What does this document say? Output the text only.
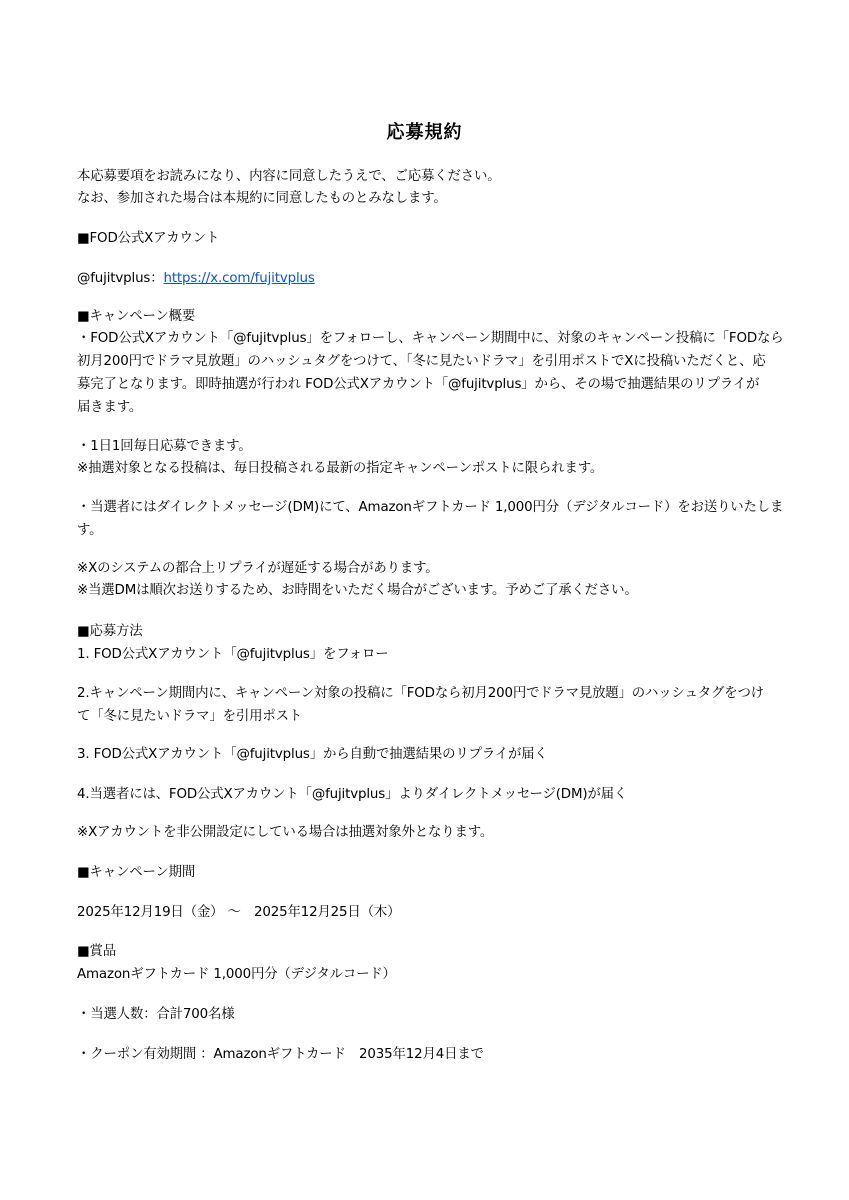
応募規約
本応募要項をお読みになり、内容に同意したうえで、ご応募ください。
なお、参加された場合は本規約に同意したものとみなします。
■FOD公式Xアカウント
@fujitvplus：https://x.com/fujitvplus
■キャンペーン概要
・FOD公式Xアカウント「@fujitvplus」をフォローし、キャンペーン期間中に、対象のキャンペーン投稿に「FODなら
初月200円でドラマ見放題」のハッシュタグをつけて、「冬に見たいドラマ」を引用ポストでXに投稿いただくと、応
募完了となります。即時抽選が行われ FOD公式Xアカウント「@fujitvplus」から、その場で抽選結果のリプライが
届きます。
・1日1回毎日応募できます。
※抽選対象となる投稿は、毎日投稿される最新の指定キャンペーンポストに限られます。
・当選者にはダイレクトメッセージ(DM)にて、Amazonギフトカード 1,000円分（デジタルコード）をお送りいたしま
す。
※Xのシステムの都合上リプライが遅延する場合があります。
※当選DMは順次お送りするため、お時間をいただく場合がございます。予めご了承ください。
■応募方法
1. FOD公式Xアカウント「@fujitvplus」をフォロー
2.キャンペーン期間内に、キャンペーン対象の投稿に「FODなら初月200円でドラマ見放題」のハッシュタグをつけ
て「冬に見たいドラマ」を引用ポスト
3. FOD公式Xアカウント「@fujitvplus」から自動で抽選結果のリプライが届く
4.当選者には、FOD公式Xアカウント「@fujitvplus」よりダイレクトメッセージ(DM)が届く
※Xアカウントを非公開設定にしている場合は抽選対象外となります。
■キャンペーン期間
2025年12月19日（金） 〜　2025年12月25日（木）
■賞品
Amazonギフトカード 1,000円分（デジタルコード）
・当選人数：合計700名様
・クーポン有効期間 ：Amazonギフトカード　2035年12月4日まで
